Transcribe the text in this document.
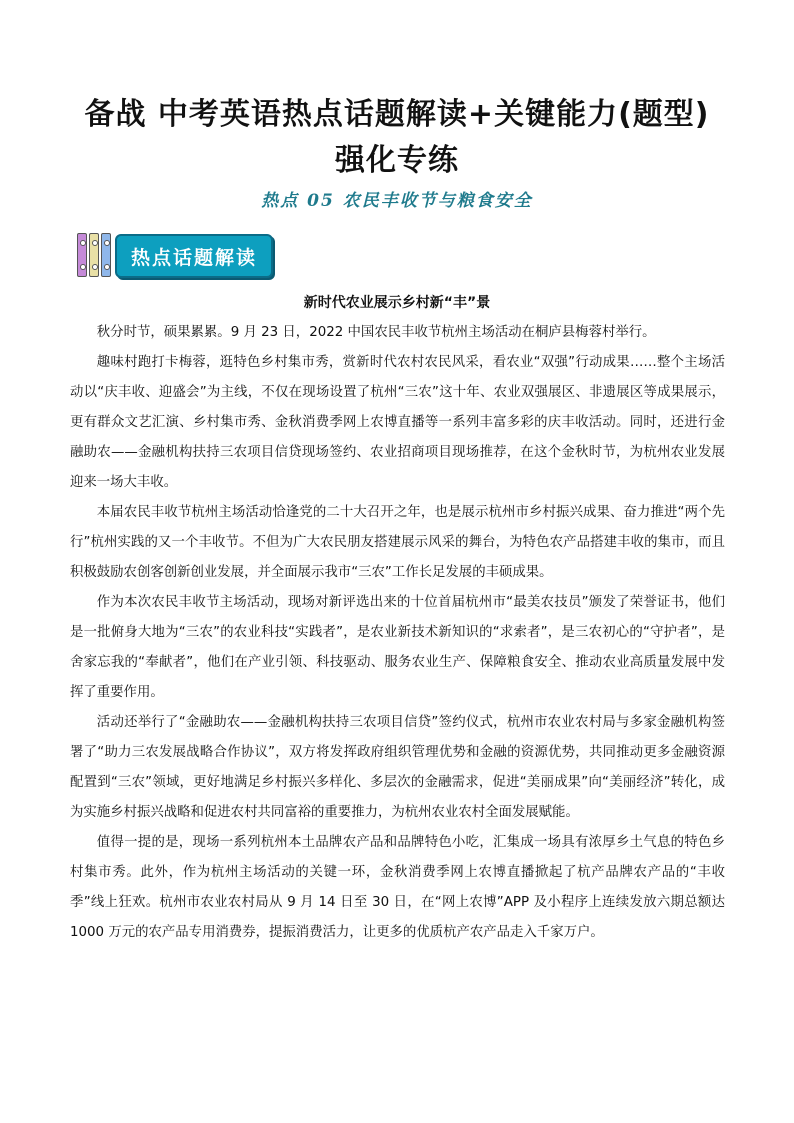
备战 中考英语热点话题解读+关键能力(题型)
强化专练
热点 05 农民丰收节与粮食安全
热点话题解读
新时代农业展示乡村新“丰”景

秋分时节，硕果累累。9 月 23 日，2022 中国农民丰收节杭州主场活动在桐庐县梅蓉村举行。

趣味村跑打卡梅蓉，逛特色乡村集市秀，赏新时代农村农民风采，看农业“双强”行动成果……整个主场活动以“庆丰收、迎盛会”为主线，不仅在现场设置了杭州“三农”这十年、农业双强展区、非遗展区等成果展示，更有群众文艺汇演、乡村集市秀、金秋消费季网上农博直播等一系列丰富多彩的庆丰收活动。同时，还进行金融助农——金融机构扶持三农项目信贷现场签约、农业招商项目现场推荐，在这个金秋时节，为杭州农业发展迎来一场大丰收。

本届农民丰收节杭州主场活动恰逢党的二十大召开之年，也是展示杭州市乡村振兴成果、奋力推进“两个先行”杭州实践的又一个丰收节。不但为广大农民朋友搭建展示风采的舞台，为特色农产品搭建丰收的集市，而且积极鼓励农创客创新创业发展，并全面展示我市“三农”工作长足发展的丰硕成果。

作为本次农民丰收节主场活动，现场对新评选出来的十位首届杭州市“最美农技员”颁发了荣誉证书，他们是一批俯身大地为“三农”的农业科技“实践者”，是农业新技术新知识的“求索者”，是三农初心的“守护者”，是舍家忘我的“奉献者”，他们在产业引领、科技驱动、服务农业生产、保障粮食安全、推动农业高质量发展中发挥了重要作用。

活动还举行了“金融助农——金融机构扶持三农项目信贷”签约仪式，杭州市农业农村局与多家金融机构签署了“助力三农发展战略合作协议”，双方将发挥政府组织管理优势和金融的资源优势，共同推动更多金融资源配置到“三农”领域，更好地满足乡村振兴多样化、多层次的金融需求，促进“美丽成果”向“美丽经济”转化，成为实施乡村振兴战略和促进农村共同富裕的重要推力，为杭州农业农村全面发展赋能。

值得一提的是，现场一系列杭州本土品牌农产品和品牌特色小吃，汇集成一场具有浓厚乡土气息的特色乡村集市秀。此外，作为杭州主场活动的关键一环，金秋消费季网上农博直播掀起了杭产品牌农产品的“丰收季”线上狂欢。杭州市农业农村局从 9 月 14 日至 30 日，在“网上农博”APP 及小程序上连续发放六期总额达 1000 万元的农产品专用消费券，提振消费活力，让更多的优质杭产农产品走入千家万户。
